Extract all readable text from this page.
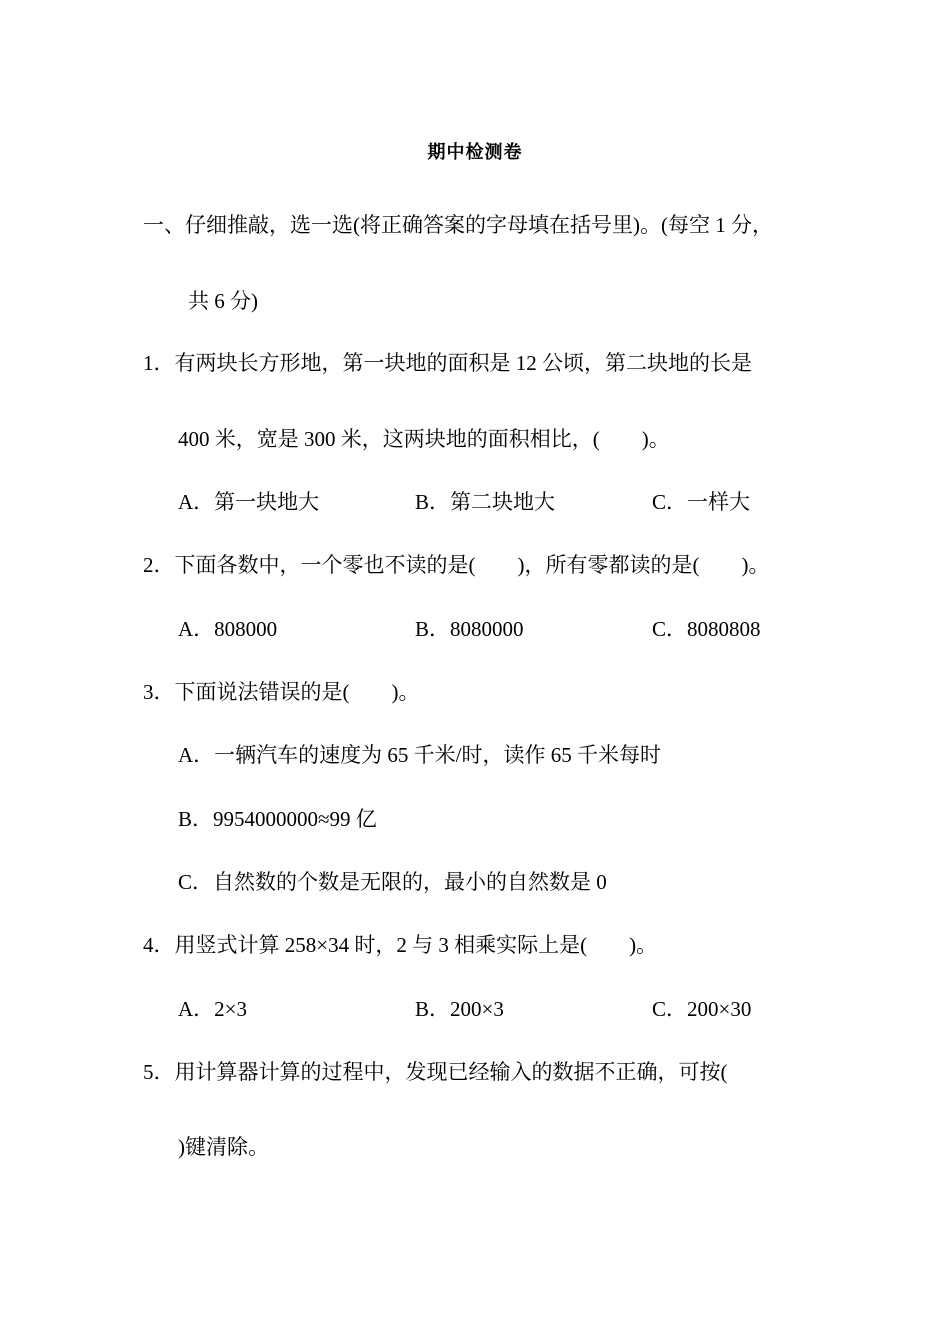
期中检测卷
一、仔细推敲，选一选(将正确答案的字母填在括号里)。(每空 1 分，
共 6 分)
1．有两块长方形地，第一块地的面积是 12 公顷，第二块地的长是
400 米，宽是 300 米，这两块地的面积相比，(　　)。
A．第一块地大	B．第二块地大	C．一样大
2．下面各数中，一个零也不读的是(　　)，所有零都读的是(　　)。
A．808000	B．8080000	C．8080808
3．下面说法错误的是(　　)。
A．一辆汽车的速度为 65 千米/时，读作 65 千米每时
B．9954000000≈99 亿
C．自然数的个数是无限的，最小的自然数是 0
4．用竖式计算 258×34 时，2 与 3 相乘实际上是(　　)。
A．2×3	B．200×3	C．200×30
5．用计算器计算的过程中，发现已经输入的数据不正确，可按(
)键清除。
